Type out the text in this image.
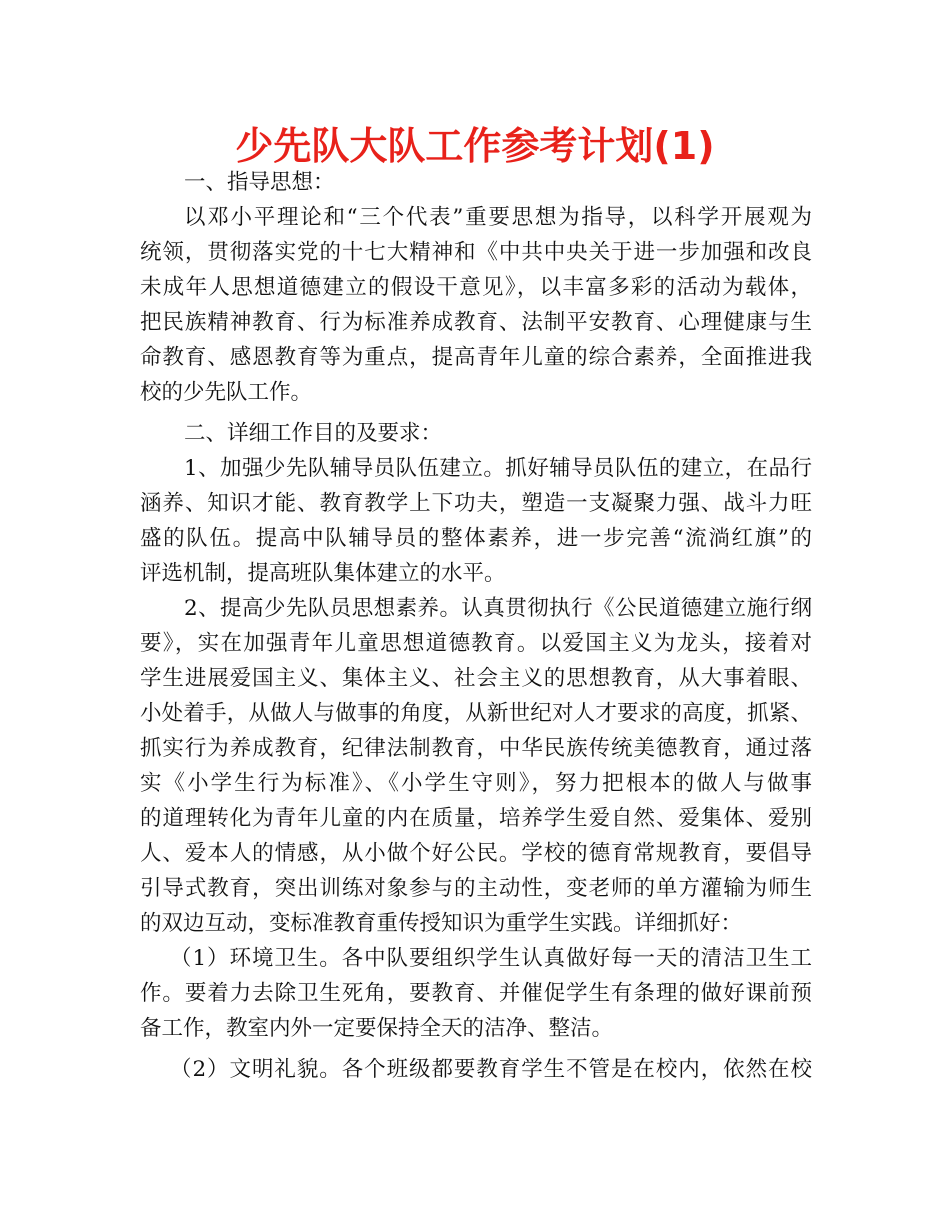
少先队大队工作参考计划(1)

一、指导思想：

以邓小平理论和“三个代表”重要思想为指导，以科学开展观为

统领，贯彻落实党的十七大精神和《中共中央关于进一步加强和改良

未成年人思想道德建立的假设干意见》，以丰富多彩的活动为载体，

把民族精神教育、行为标准养成教育、法制平安教育、心理健康与生

命教育、感恩教育等为重点，提高青年儿童的综合素养，全面推进我

校的少先队工作。

二、详细工作目的及要求：

1、加强少先队辅导员队伍建立。抓好辅导员队伍的建立，在品行

涵养、知识才能、教育教学上下功夫，塑造一支凝聚力强、战斗力旺

盛的队伍。提高中队辅导员的整体素养，进一步完善“流淌红旗”的

评选机制，提高班队集体建立的水平。

2、提高少先队员思想素养。认真贯彻执行《公民道德建立施行纲

要》，实在加强青年儿童思想道德教育。以爱国主义为龙头，接着对

学生进展爱国主义、集体主义、社会主义的思想教育，从大事着眼、

小处着手，从做人与做事的角度，从新世纪对人才要求的高度，抓紧、

抓实行为养成教育，纪律法制教育，中华民族传统美德教育，通过落

实《小学生行为标准》、《小学生守则》，努力把根本的做人与做事

的道理转化为青年儿童的内在质量，培养学生爱自然、爱集体、爱别

人、爱本人的情感，从小做个好公民。学校的德育常规教育，要倡导

引导式教育，突出训练对象参与的主动性，变老师的单方灌输为师生

的双边互动，变标准教育重传授知识为重学生实践。详细抓好：

（1）环境卫生。各中队要组织学生认真做好每一天的清洁卫生工

作。要着力去除卫生死角，要教育、并催促学生有条理的做好课前预

备工作，教室内外一定要保持全天的洁净、整洁。

（2）文明礼貌。各个班级都要教育学生不管是在校内，依然在校
